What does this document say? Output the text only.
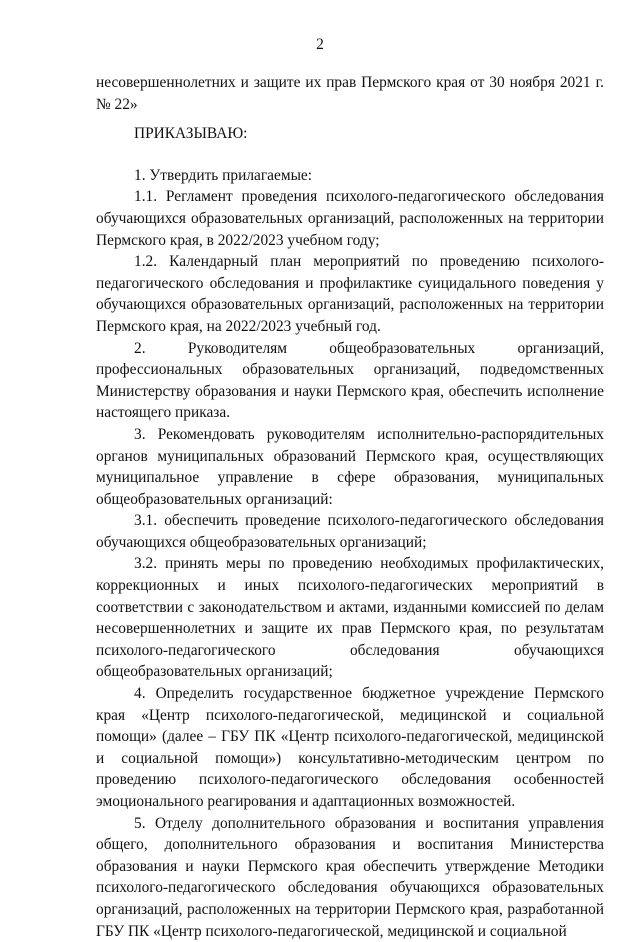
2

несовершеннолетних и защите их прав Пермского края от 30 ноября 2021 г. № 22»

ПРИКАЗЫВАЮ:

1. Утвердить прилагаемые:

1.1. Регламент проведения психолого-педагогического обследования обучающихся образовательных организаций, расположенных на территории Пермского края, в 2022/2023 учебном году;

1.2. Календарный план мероприятий по проведению психолого-педагогического обследования и профилактике суицидального поведения у обучающихся образовательных организаций, расположенных на территории Пермского края, на 2022/2023 учебный год.

2. Руководителям общеобразовательных организаций, профессиональных образовательных организаций, подведомственных Министерству образования и науки Пермского края, обеспечить исполнение настоящего приказа.

3. Рекомендовать руководителям исполнительно-распорядительных органов муниципальных образований Пермского края, осуществляющих муниципальное управление в сфере образования, муниципальных общеобразовательных организаций:

3.1. обеспечить проведение психолого-педагогического обследования обучающихся общеобразовательных организаций;

3.2. принять меры по проведению необходимых профилактических, коррекционных и иных психолого-педагогических мероприятий в соответствии с законодательством и актами, изданными комиссией по делам несовершеннолетних и защите их прав Пермского края, по результатам психолого-педагогического обследования обучающихся общеобразовательных организаций;

4. Определить государственное бюджетное учреждение Пермского края «Центр психолого-педагогической, медицинской и социальной помощи» (далее – ГБУ ПК «Центр психолого-педагогической, медицинской и социальной помощи») консультативно-методическим центром по проведению психолого-педагогического обследования особенностей эмоционального реагирования и адаптационных возможностей.

5. Отделу дополнительного образования и воспитания управления общего, дополнительного образования и воспитания Министерства образования и науки Пермского края обеспечить утверждение Методики психолого-педагогического обследования обучающихся образовательных организаций, расположенных на территории Пермского края, разработанной ГБУ ПК «Центр психолого-педагогической, медицинской и социальной
